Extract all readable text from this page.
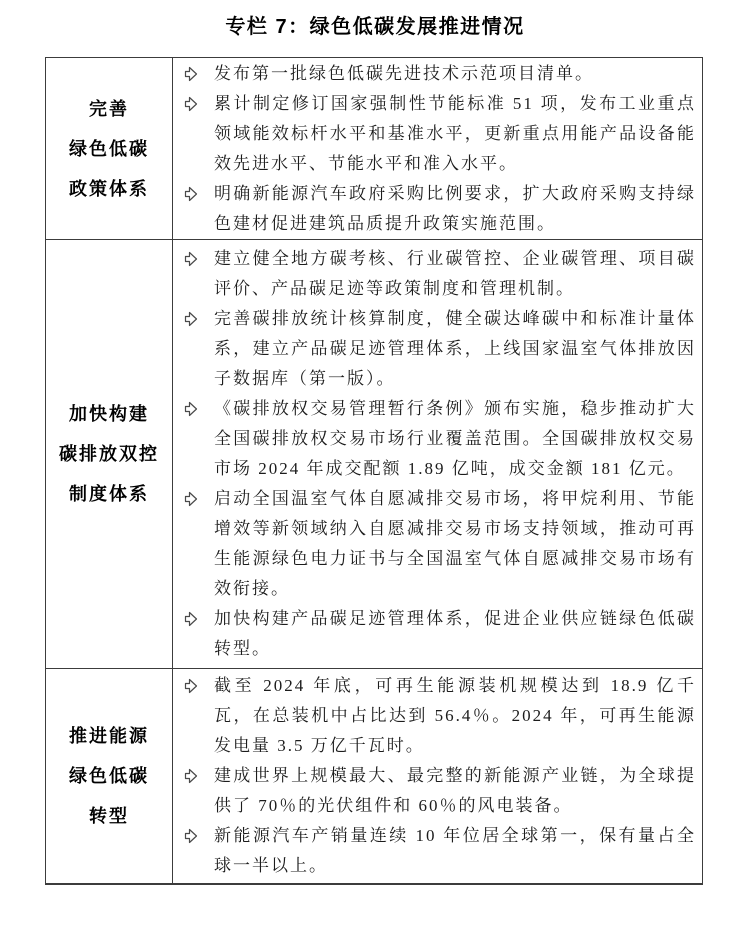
专栏 7：绿色低碳发展推进情况
完善
绿色低碳
政策体系
发布第一批绿色低碳先进技术示范项目清单。
累计制定修订国家强制性节能标准 51 项，发布工业重点领域能效标杆水平和基准水平，更新重点用能产品设备能效先进水平、节能水平和准入水平。
明确新能源汽车政府采购比例要求，扩大政府采购支持绿色建材促进建筑品质提升政策实施范围。
加快构建
碳排放双控
制度体系
建立健全地方碳考核、行业碳管控、企业碳管理、项目碳评价、产品碳足迹等政策制度和管理机制。
完善碳排放统计核算制度，健全碳达峰碳中和标准计量体系，建立产品碳足迹管理体系，上线国家温室气体排放因子数据库（第一版）。
《碳排放权交易管理暂行条例》颁布实施，稳步推动扩大全国碳排放权交易市场行业覆盖范围。全国碳排放权交易市场 2024 年成交配额 1.89 亿吨，成交金额 181 亿元。
启动全国温室气体自愿减排交易市场，将甲烷利用、节能增效等新领域纳入自愿减排交易市场支持领域，推动可再生能源绿色电力证书与全国温室气体自愿减排交易市场有效衔接。
加快构建产品碳足迹管理体系，促进企业供应链绿色低碳转型。
推进能源
绿色低碳
转型
截至 2024 年底，可再生能源装机规模达到 18.9 亿千瓦，在总装机中占比达到 56.4％。2024 年，可再生能源发电量 3.5 万亿千瓦时。
建成世界上规模最大、最完整的新能源产业链，为全球提供了 70％的光伏组件和 60％的风电装备。
新能源汽车产销量连续 10 年位居全球第一，保有量占全球一半以上。
